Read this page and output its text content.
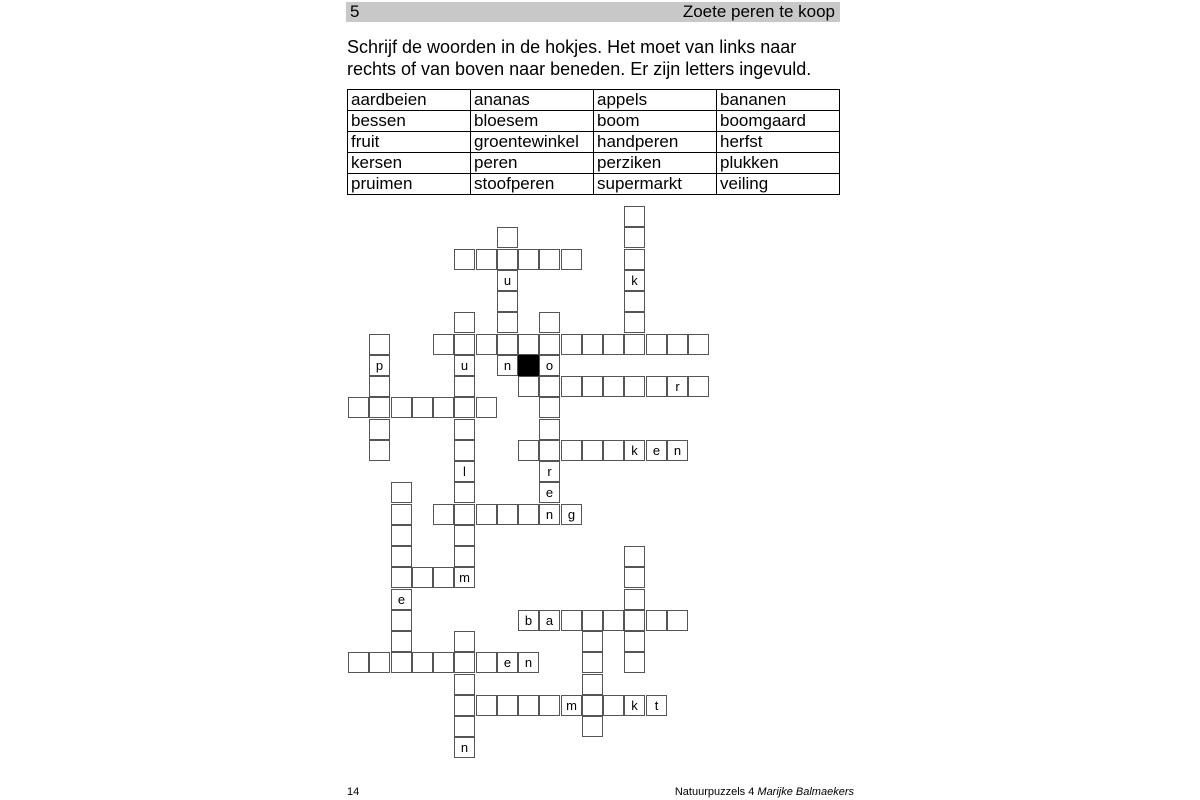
5	Zoete peren te koop
Schrijf de woorden in de hokjes. Het moet van links naar
rechts of van boven naar beneden. Er zijn letters ingevuld.
aardbeien	ananas	appels	bananen
bessen	bloesem	boom	boomgaard
fruit	groentewinkel	handperen	herfst
kersen	peren	perziken	plukken
pruimen	stoofperen	supermarkt	veiling
k
u
n
u	o
r
e
n
p
l
m
e
n
r
k	e	n
g
b	a
e	n
m	k	t
14	Natuurpuzzels 4 Marijke Balmaekers
